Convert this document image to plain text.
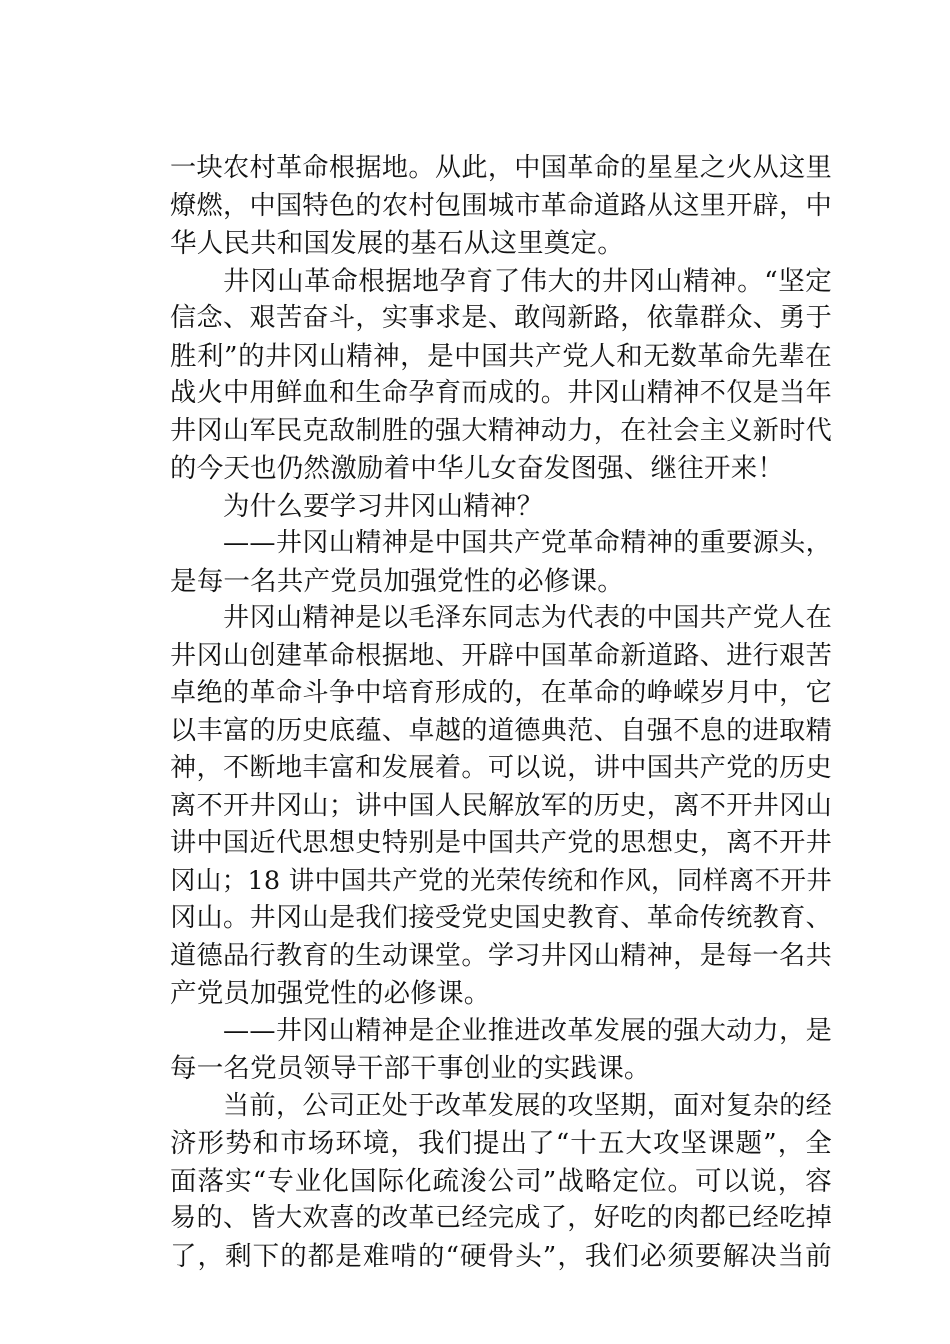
一块农村革命根据地。从此，中国革命的星星之火从这里
燎燃，中国特色的农村包围城市革命道路从这里开辟，中
华人民共和国发展的基石从这里奠定。
井冈山革命根据地孕育了伟大的井冈山精神。“坚定
信念、艰苦奋斗，实事求是、敢闯新路，依靠群众、勇于
胜利”的井冈山精神，是中国共产党人和无数革命先辈在
战火中用鲜血和生命孕育而成的。井冈山精神不仅是当年
井冈山军民克敌制胜的强大精神动力，在社会主义新时代
的今天也仍然激励着中华儿女奋发图强、继往开来！
为什么要学习井冈山精神？
——井冈山精神是中国共产党革命精神的重要源头，
是每一名共产党员加强党性的必修课。
井冈山精神是以毛泽东同志为代表的中国共产党人在
井冈山创建革命根据地、开辟中国革命新道路、进行艰苦
卓绝的革命斗争中培育形成的，在革命的峥嵘岁月中，它
以丰富的历史底蕴、卓越的道德典范、自强不息的进取精
神，不断地丰富和发展着。可以说，讲中国共产党的历史
离不开井冈山；讲中国人民解放军的历史，离不开井冈山
讲中国近代思想史特别是中国共产党的思想史，离不开井
冈山；18 讲中国共产党的光荣传统和作风，同样离不开井
冈山。井冈山是我们接受党史国史教育、革命传统教育、
道德品行教育的生动课堂。学习井冈山精神，是每一名共
产党员加强党性的必修课。
——井冈山精神是企业推进改革发展的强大动力，是
每一名党员领导干部干事创业的实践课。
当前，公司正处于改革发展的攻坚期，面对复杂的经
济形势和市场环境，我们提出了“十五大攻坚课题”，全
面落实“专业化国际化疏浚公司”战略定位。可以说，容
易的、皆大欢喜的改革已经完成了，好吃的肉都已经吃掉
了，剩下的都是难啃的“硬骨头”，我们必须要解决当前
